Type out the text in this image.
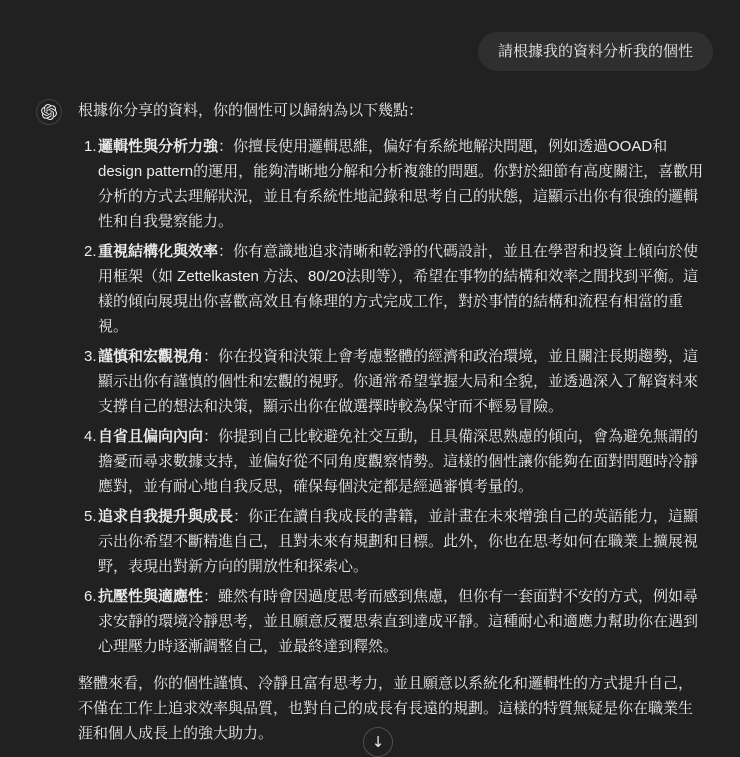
請根據我的資料分析我的個性

根據你分享的資料，你的個性可以歸納為以下幾點：

1. 邏輯性與分析力強：你擅長使用邏輯思維，偏好有系統地解決問題，例如透過OOAD和design pattern的運用，能夠清晰地分解和分析複雜的問題。你對於細節有高度關注，喜歡用分析的方式去理解狀況，並且有系統性地記錄和思考自己的狀態，這顯示出你有很強的邏輯性和自我覺察能力。
2. 重視結構化與效率：你有意識地追求清晰和乾淨的代碼設計，並且在學習和投資上傾向於使用框架（如 Zettelkasten 方法、80/20法則等），希望在事物的結構和效率之間找到平衡。這樣的傾向展現出你喜歡高效且有條理的方式完成工作，對於事情的結構和流程有相當的重視。
3. 謹慎和宏觀視角：你在投資和決策上會考慮整體的經濟和政治環境，並且關注長期趨勢，這顯示出你有謹慎的個性和宏觀的視野。你通常希望掌握大局和全貌，並透過深入了解資料來支撐自己的想法和決策，顯示出你在做選擇時較為保守而不輕易冒險。
4. 自省且偏向內向：你提到自己比較避免社交互動，且具備深思熟慮的傾向，會為避免無謂的擔憂而尋求數據支持，並偏好從不同角度觀察情勢。這樣的個性讓你能夠在面對問題時冷靜應對，並有耐心地自我反思，確保每個決定都是經過審慎考量的。
5. 追求自我提升與成長：你正在讀自我成長的書籍，並計畫在未來增強自己的英語能力，這顯示出你希望不斷精進自己，且對未來有規劃和目標。此外，你也在思考如何在職業上擴展視野，表現出對新方向的開放性和探索心。
6. 抗壓性與適應性：雖然有時會因過度思考而感到焦慮，但你有一套面對不安的方式，例如尋求安靜的環境冷靜思考，並且願意反覆思索直到達成平靜。這種耐心和適應力幫助你在遇到心理壓力時逐漸調整自己，並最終達到釋然。

整體來看，你的個性謹慎、冷靜且富有思考力，並且願意以系統化和邏輯性的方式提升自己，不僅在工作上追求效率與品質，也對自己的成長有長遠的規劃。這樣的特質無疑是你在職業生涯和個人成長上的強大助力。	↓
